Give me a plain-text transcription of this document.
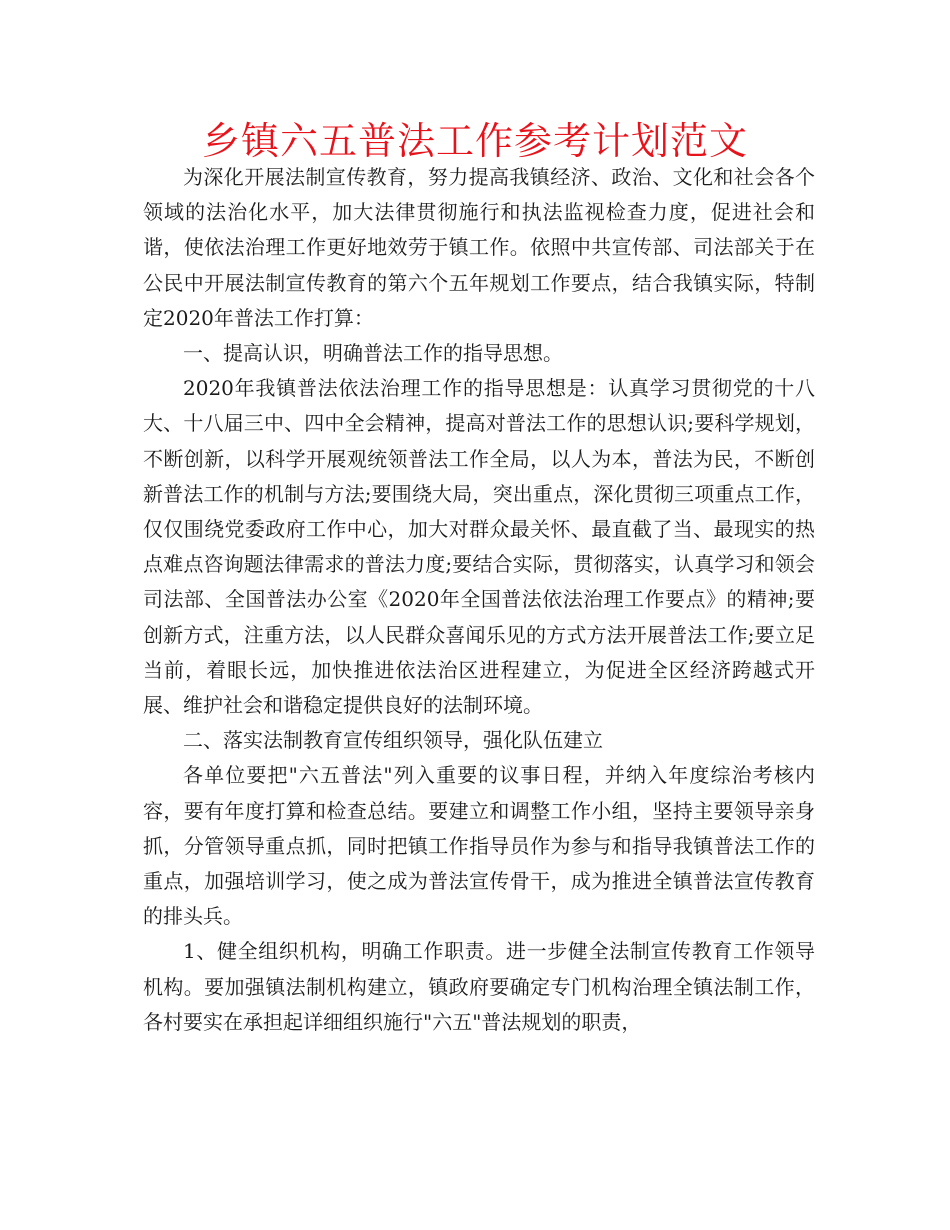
乡镇六五普法工作参考计划范文

为深化开展法制宣传教育，努力提高我镇经济、政治、文化和社会各个领域的法治化水平，加大法律贯彻施行和执法监视检查力度，促进社会和谐，使依法治理工作更好地效劳于镇工作。依照中共宣传部、司法部关于在公民中开展法制宣传教育的第六个五年规划工作要点，结合我镇实际，特制定2020年普法工作打算：

一、提高认识，明确普法工作的指导思想。

2020年我镇普法依法治理工作的指导思想是：认真学习贯彻党的十八大、十八届三中、四中全会精神，提高对普法工作的思想认识;要科学规划，不断创新，以科学开展观统领普法工作全局，以人为本，普法为民，不断创新普法工作的机制与方法;要围绕大局，突出重点，深化贯彻三项重点工作，仅仅围绕党委政府工作中心，加大对群众最关怀、最直截了当、最现实的热点难点咨询题法律需求的普法力度;要结合实际，贯彻落实，认真学习和领会司法部、全国普法办公室《2020年全国普法依法治理工作要点》的精神;要创新方式，注重方法，以人民群众喜闻乐见的方式方法开展普法工作;要立足当前，着眼长远，加快推进依法治区进程建立，为促进全区经济跨越式开展、维护社会和谐稳定提供良好的法制环境。

二、落实法制教育宣传组织领导，强化队伍建立

各单位要把"六五普法"列入重要的议事日程，并纳入年度综治考核内容，要有年度打算和检查总结。要建立和调整工作小组，坚持主要领导亲身抓，分管领导重点抓，同时把镇工作指导员作为参与和指导我镇普法工作的重点，加强培训学习，使之成为普法宣传骨干，成为推进全镇普法宣传教育的排头兵。

1、健全组织机构，明确工作职责。进一步健全法制宣传教育工作领导机构。要加强镇法制机构建立，镇政府要确定专门机构治理全镇法制工作，各村要实在承担起详细组织施行"六五"普法规划的职责，
